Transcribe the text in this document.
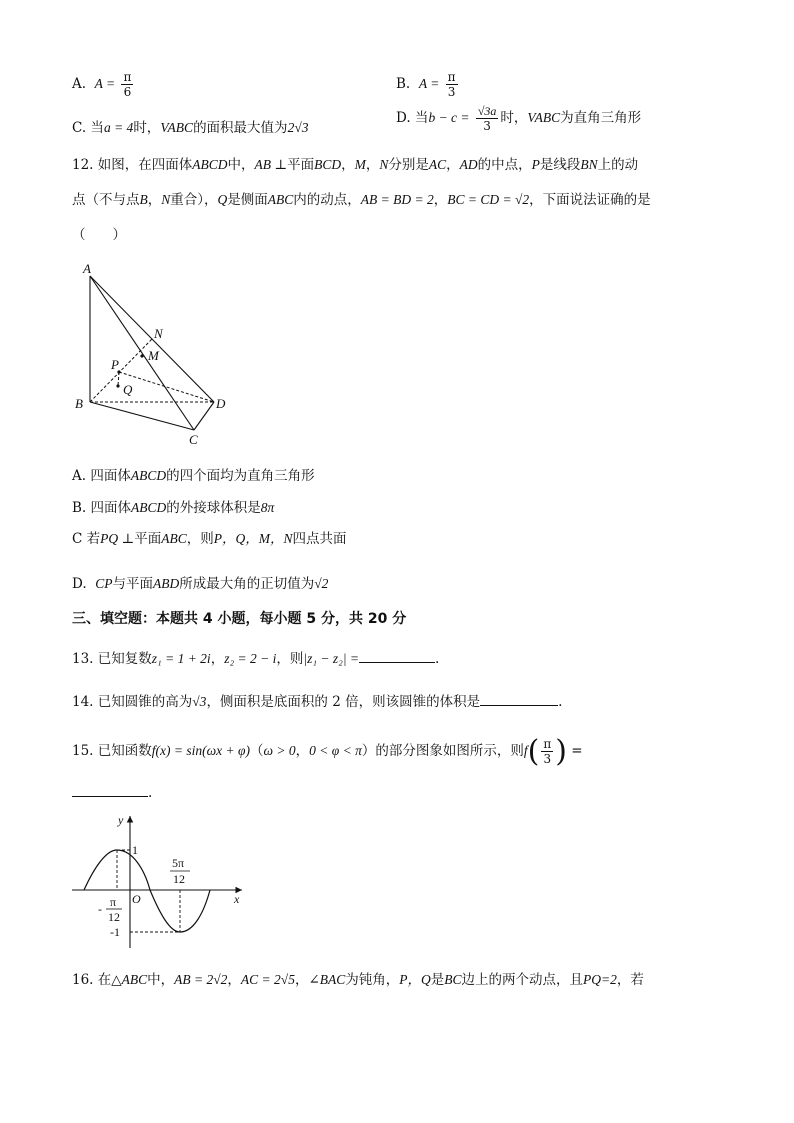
A. $A = \frac{\pi}{6}$	B. $A = \frac{\pi}{3}$
C. 当a = 4时，VABC的面积最大值为2√3
D. 当$b - c = \frac{√3a}{3}$ 时，VABC为直角三角形
12. 如图，在四面体ABCD中，AB ⊥平面BCD，M，N分别是AC，AD的中点，P是线段BN上的动
点（不与点B，N重合），Q是侧面ABC内的动点，AB = BD = 2，BC = CD = √2，下面说法证确的是
（　　）
A
B
C
D
N
M
P
Q
A. 四面体ABCD的四个面均为直角三角形
B. 四面体ABCD的外接球体积是8π
C 若PQ ⊥平面ABC，则P，Q，M，N四点共面
D. CP与平面ABD所成最大角的正切值为√2
三、填空题：本题共 4 小题，每小题 5 分，共 20 分
13. 已知复数z₁ = 1 + 2i，z₂ = 2 − i，则|z₁ − z₂| =	.
14. 已知圆锥的高为√3，侧面积是底面积的 2 倍，则该圆锥的体积是	.
15. 已知函数f(x) = sin(ωx + φ)（ω > 0，0 < φ < π）的部分图象如图所示，则$f( \frac{\pi}{3}$ ) =
.
y
x
O
1
-1
- π
12
5π
12
16. 在△ABC中，AB = 2√2，AC = 2√5，∠BAC为钝角，P，Q是BC边上的两个动点，且PQ=2，若
